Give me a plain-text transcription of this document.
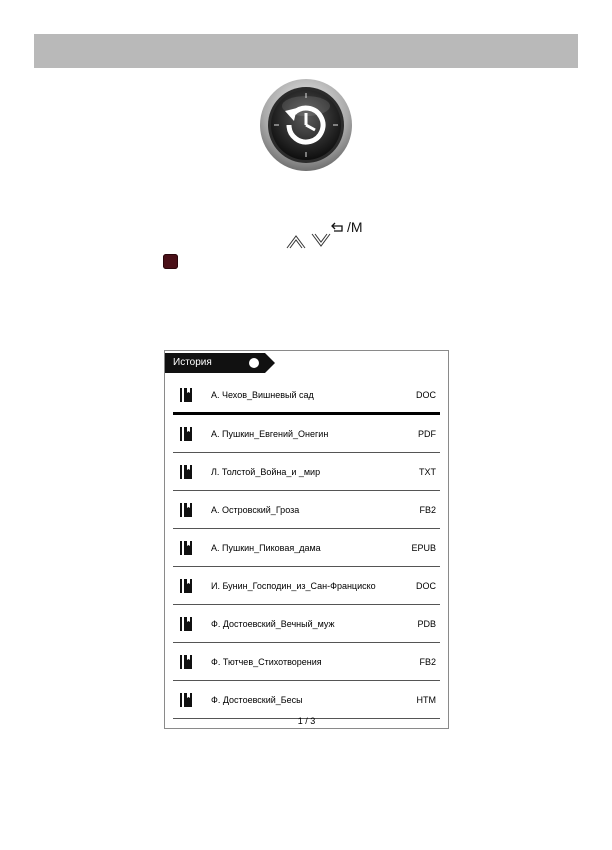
/M
История
А. Чехов_Вишневый сад	DOC
А. Пушкин_Евгений_Онегин	PDF
Л. Толстой_Война_и _мир	TXT
А. Островский_Гроза	FB2
А. Пушкин_Пиковая_дама	EPUB
И. Бунин_Господин_из_Сан-Франциско	DOC
Ф. Достоевский_Вечный_муж	PDB
Ф. Тютчев_Стихотворения	FB2
Ф. Достоевский_Бесы	HTM
1 / 3
